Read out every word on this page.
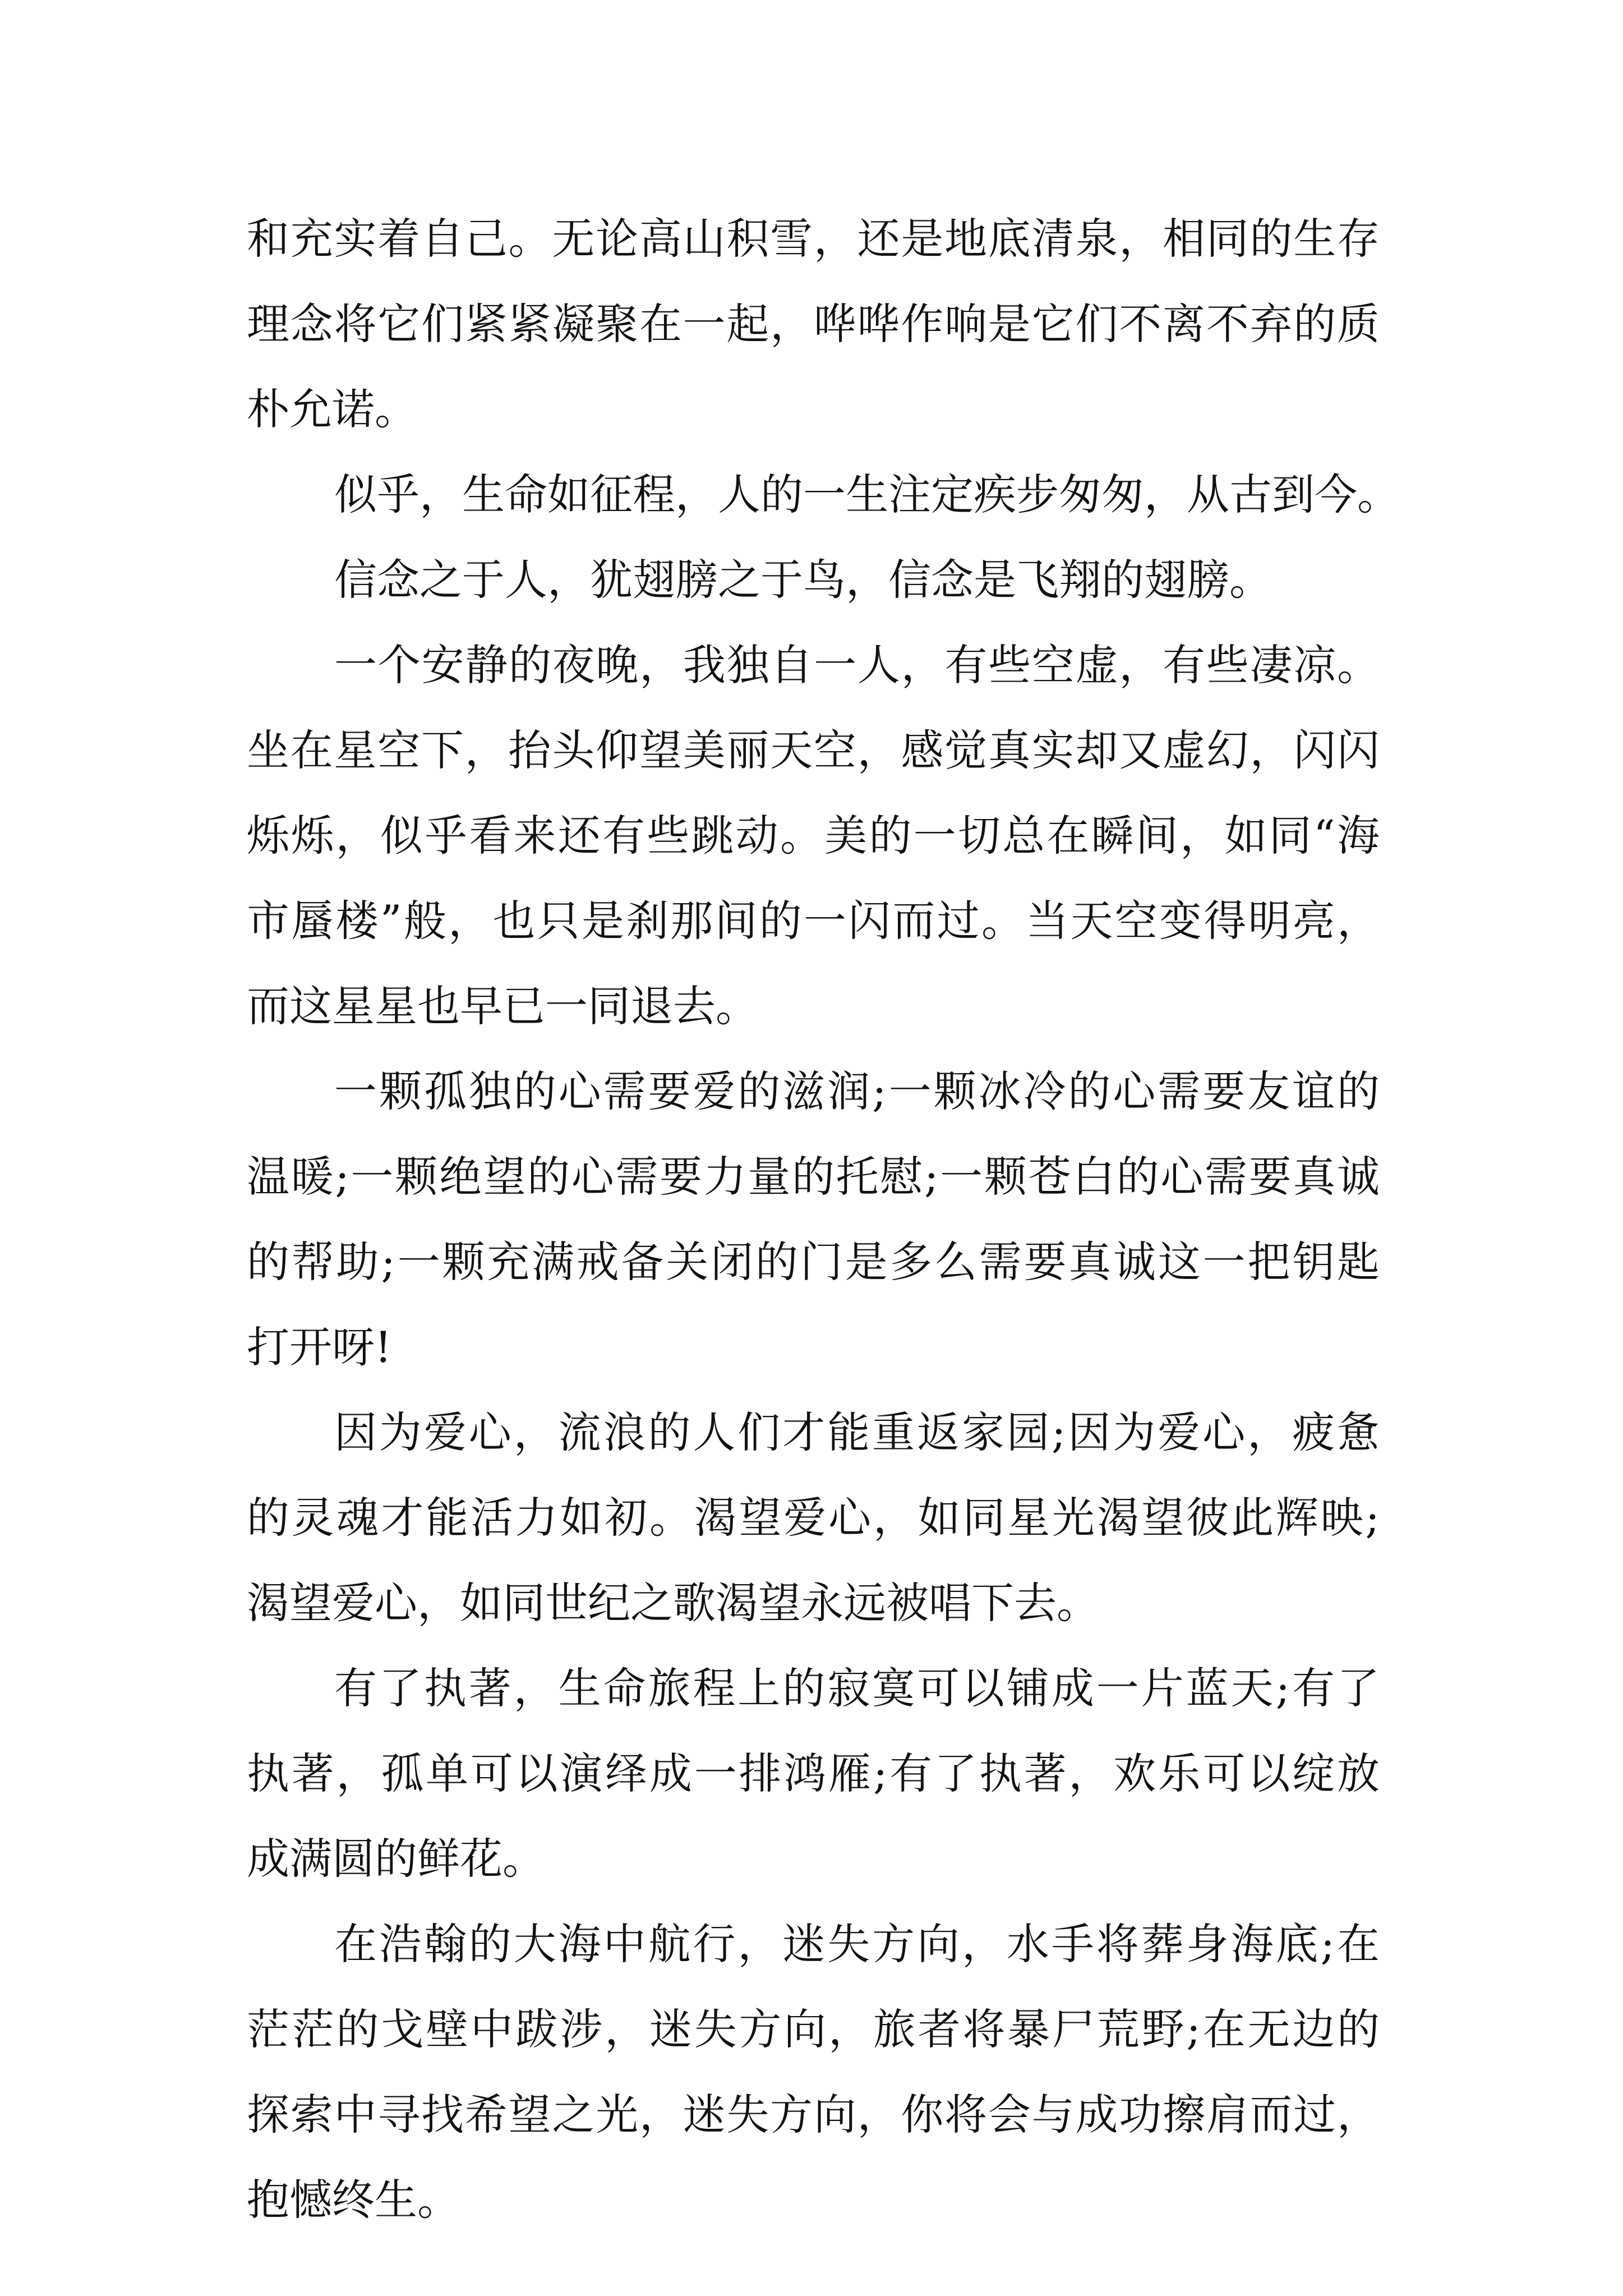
和充实着自己。无论高山积雪，还是地底清泉，相同的生存

理念将它们紧紧凝聚在一起，哗哗作响是它们不离不弃的质

朴允诺。

似乎，生命如征程，人的一生注定疾步匆匆，从古到今。

信念之于人，犹翅膀之于鸟，信念是飞翔的翅膀。

一个安静的夜晚，我独自一人，有些空虚，有些凄凉。

坐在星空下，抬头仰望美丽天空，感觉真实却又虚幻，闪闪

烁烁，似乎看来还有些跳动。美的一切总在瞬间，如同“海

市蜃楼”般，也只是刹那间的一闪而过。当天空变得明亮，

而这星星也早已一同退去。

一颗孤独的心需要爱的滋润;一颗冰冷的心需要友谊的

温暖;一颗绝望的心需要力量的托慰;一颗苍白的心需要真诚

的帮助;一颗充满戒备关闭的门是多么需要真诚这一把钥匙

打开呀!

因为爱心，流浪的人们才能重返家园;因为爱心，疲惫

的灵魂才能活力如初。渴望爱心，如同星光渴望彼此辉映;

渴望爱心，如同世纪之歌渴望永远被唱下去。

有了执著，生命旅程上的寂寞可以铺成一片蓝天;有了

执著，孤单可以演绎成一排鸿雁;有了执著，欢乐可以绽放

成满圆的鲜花。

在浩翰的大海中航行，迷失方向，水手将葬身海底;在

茫茫的戈壁中跋涉，迷失方向，旅者将暴尸荒野;在无边的

探索中寻找希望之光，迷失方向，你将会与成功擦肩而过，

抱憾终生。
